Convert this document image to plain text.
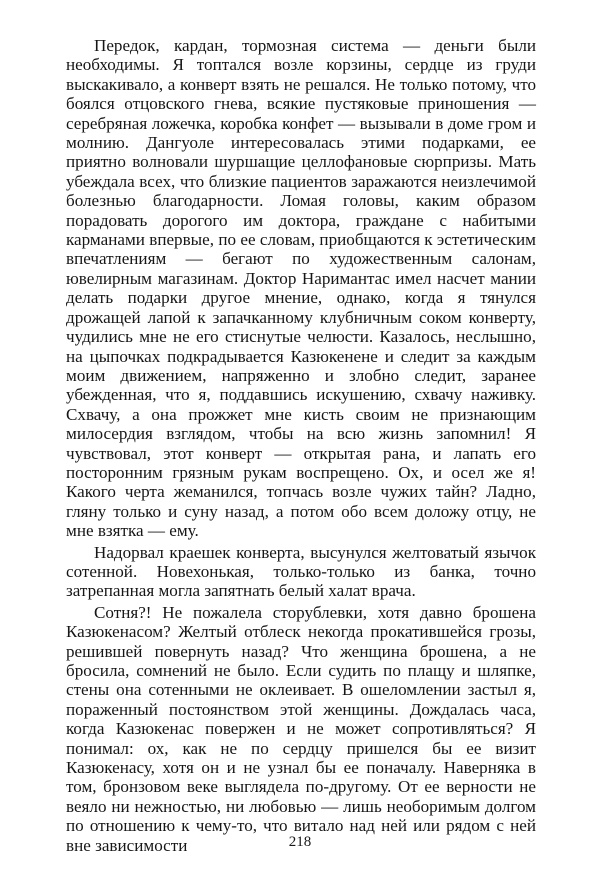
Передок, кардан, тормозная система — деньги были необходимы. Я топтался возле корзины, сердце из груди выскакивало, а конверт взять не решался. Не только потому, что боялся отцовского гнева, всякие пустяковые приношения — серебряная ложечка, коробка конфет — вызывали в доме гром и молнию. Дангуоле интересовалась этими подарками, ее приятно волновали шуршащие целлофановые сюрпризы. Мать убеждала всех, что близкие пациентов заражаются неизлечимой болезнью благодарности. Ломая головы, каким образом порадовать дорогого им доктора, граждане с набитыми карманами впервые, по ее словам, приобщаются к эстетическим впечатлениям — бегают по художественным салонам, ювелирным магазинам. Доктор Наримантас имел насчет мании делать подарки другое мнение, однако, когда я тянулся дрожащей лапой к запачканному клубничным соком конверту, чудились мне не его стиснутые челюсти. Казалось, неслышно, на цыпочках подкрадывается Казюкенене и следит за каждым моим движением, напряженно и злобно следит, заранее убежденная, что я, поддавшись искушению, схвачу наживку. Схвачу, а она прожжет мне кисть своим не признающим милосердия взглядом, чтобы на всю жизнь запомнил! Я чувствовал, этот конверт — открытая рана, и лапать его посторонним грязным рукам воспрещено. Ох, и осел же я! Какого черта жеманился, топчась возле чужих тайн? Ладно, гляну только и суну назад, а потом обо всем доложу отцу, не мне взятка — ему.

Надорвал краешек конверта, высунулся желтоватый язычок сотенной. Новехонькая, только-только из банка, точно затрепанная могла запятнать белый халат врача.

Сотня?! Не пожалела сторублевки, хотя давно брошена Казюкенасом? Желтый отблеск некогда прокатившейся грозы, решившей повернуть назад? Что женщина брошена, а не бросила, сомнений не было. Если судить по плащу и шляпке, стены она сотенными не оклеивает. В ошеломлении застыл я, пораженный постоянством этой женщины. Дождалась часа, когда Казюкенас повержен и не может сопротивляться? Я понимал: ох, как не по сердцу пришелся бы ее визит Казюкенасу, хотя он и не узнал бы ее поначалу. Наверняка в том, бронзовом веке выглядела по-другому. От ее верности не веяло ни нежностью, ни любовью — лишь необоримым долгом по отношению к чему-то, что витало над ней или рядом с ней вне зависимости	218
